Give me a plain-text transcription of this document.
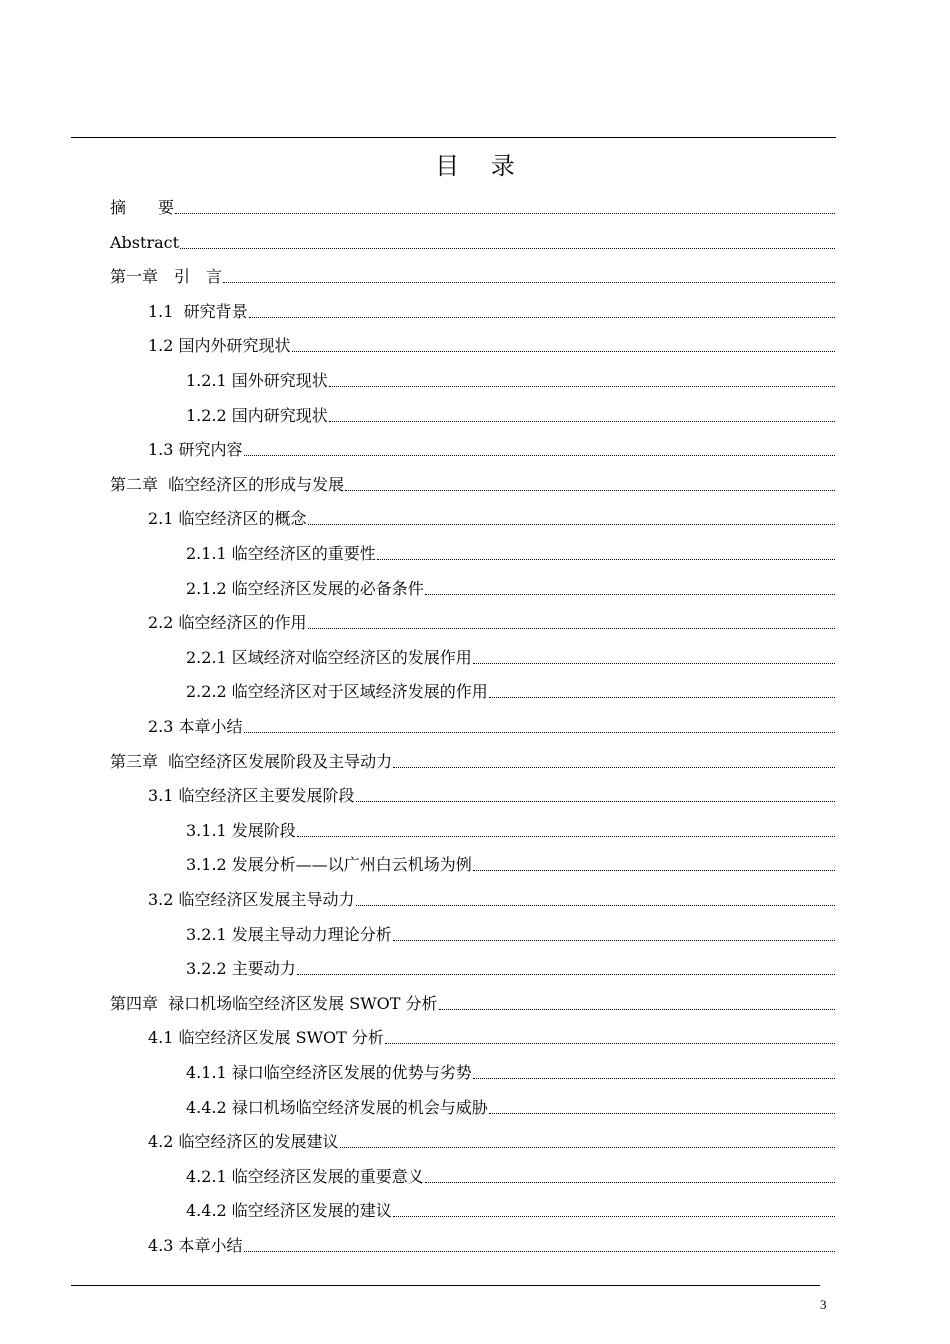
目 录
摘　　要
Abstract
第一章　引　言
1.1  研究背景
1.2 国内外研究现状
1.2.1 国外研究现状
1.2.2 国内研究现状
1.3 研究内容
第二章  临空经济区的形成与发展
2.1 临空经济区的概念
2.1.1 临空经济区的重要性
2.1.2 临空经济区发展的必备条件
2.2 临空经济区的作用
2.2.1 区域经济对临空经济区的发展作用
2.2.2 临空经济区对于区域经济发展的作用
2.3 本章小结
第三章  临空经济区发展阶段及主导动力
3.1 临空经济区主要发展阶段
3.1.1 发展阶段
3.1.2 发展分析——以广州白云机场为例
3.2 临空经济区发展主导动力
3.2.1 发展主导动力理论分析
3.2.2 主要动力
第四章  禄口机场临空经济区发展 SWOT 分析
4.1 临空经济区发展 SWOT 分析
4.1.1 禄口临空经济区发展的优势与劣势
4.4.2 禄口机场临空经济发展的机会与威胁
4.2 临空经济区的发展建议
4.2.1 临空经济区发展的重要意义
4.4.2 临空经济区发展的建议
4.3 本章小结
3
